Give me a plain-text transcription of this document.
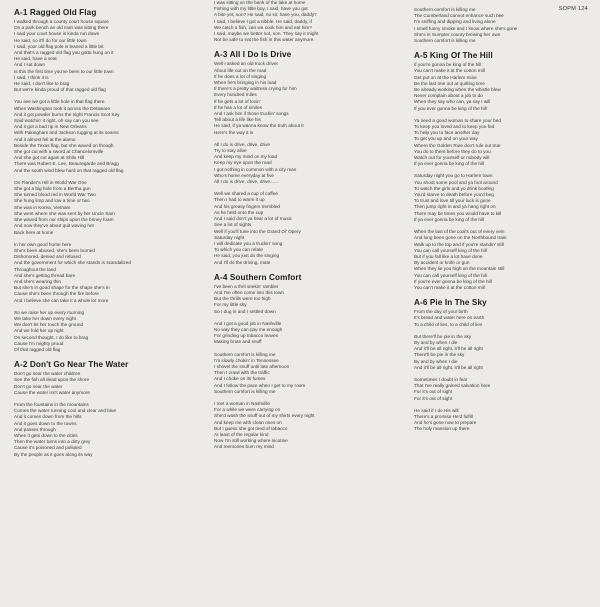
SOPM 124
A-1 Ragged Old Flag
I walked through a county court house square
On a park bench an old man was sitting there
I said your court house is kinda run down
He said, no it'll do for our little town
I said, your old flag pole is leaned a little bit
And that's a ragged old flag you gotta hung on it
He said, have a seat
And I sat down
Is this the first time you've been to our little town
I said, I think it is
He said, I don't like to brag
But we're kinda proud of that ragged old flag
You see we got a little hole in that flag there
When Washington took it across the Delaware
And it got powder burns the night Francis Scot Key
Said watchin' it right, oh say can you see
And it got a bad rip in New Orleans
With Pakingham and Jackson tugging at its seams
And it almost fell at the alamo
Beside the Texas flag, but she waved on though
She got cut with a sword at Chancelorsville
And she got cut again at Shilo Hill
There was Robert E. Lee, Beauregarde and Bragg
And the south wind blew hard on that ragged old flag
On Flander's Hill in World War One
She got a big hole from a Bertha gun
She turned blood red in World War Two
She hung limp and low a time or two
She was in Korea, Vietnam
She went where she was sent by her Uncle Sam
She waved from our ships upon the briney foam
And now they've about quit waving her
Back here at home
In her own good home here
She's been abused, she's been burned
Dishonored, denied and refused
And the government for which she stands is scandalized
Throughout the land
And she's getting thread bare
And she's wearing thin
But she's in good shape for the shape she's in
Cause she's been through the fire before
And I believe she can take it a whole lot more
So we raise her up every morning
We take her down every night
We don't let her touch the ground
And we fold her up right
On second thought, I do like to brag
Cause I'm mighty proud
Of that ragged old flag
A-2 Don't Go Near The Water
Don't go near the water children
See the fish all dead upon the shore
Don't go near the water
Cause the water isn't water anymore
From the fountains in the mountains
Comes the water running cool and clear and blue
And it comes down from the hills
And it goes down to the towns
And passes through
When it gets down to the cities
Then the water turns into a dirty grey
Cause it's poisoned and polluted
By the people as it goes along its way
I was sitting on the bank of the lake at home
Fishing with my little boy, I said, have you got
A bite yet, son? He said, no sir, have you, daddy?
I said, I believe I got a nibble. He said, daddy, if
We catch a fish, can we cook him and eat him?
I said, maybe we better not, son. They say it might
Not be safe to eat the fish in this water anymore.
A-3 All I Do Is Drive
Well I asked an old truck driver
About life out on the road
If he does a lot of singing
When he's bringing in his load
If there's a pretty waitress crying for him
Every hundred miles
If he gets a lot of lovin'
If he has a lot of smiles
And I ask him if those truckin' songs
Tell about a life like his
He said, if ya wanna know the truth about it
Here's the way it is
All I do is drive, drive, drive
Try to stay alive
And keep my mind on my load
Keep my eye upon the road
I got nothing in common with a city man
Who's home everyday at five
All I do is drive, drive, drive......
Well we shared a cup of coffee
Then I had to warm it up
And his greasy fingers trembled
As he held onto the cup
And I said don't ya hear a lot of music
See a lot of sights
Well if you'll tune into the Grand Ol' Opery
Saturday night
I will dedicate you a truckin' song
To which you can relate
He said, you just do the singing
And I'll do the driving, mate
A-4 Southern Comfort
I've been a thril seekin' rambler
And I've often come into this town
But the thrills were too high
For my little sky
So I dug in and I settled down
And I got a good job in Nashville
No way they can pay me enough
For grinding up tobacco leaves
Making brute and snuff
Southern comfort is killing me
I'm slowly chokin' in Tennessee
I shovel the snuff until late afternoon
Then I crawl with the traffic
And I choke on its fumes
And I follow the pace when I get to my room
Southern comfort is killing me
I met a woman in Nashville
For a while we were carrying on
She'd wash the snuff out of my shirts every night
And keep me with clean ones on
But I guess she got tired of tabacco
At least of the regular kind
Now I'm still working where nicotine
And memories burn my mind
Southern comfort is killing me
The Cumberland cannot enhance such bee
I'm sniffing and dipping and living alone
I smell funny smoke and I know where she's gone
She's in Sumpter county brewing her own
Southern comfort is killing me
A-5 King Of The Hill
If you're gonna be king of the hill
You can't make it at the cotton mill
Get put on at the Harlem mine
Be the last one out at quitting time
Be already working when the whistle blew
Never complain about a job to do
When they say who can, ya say I will
If you ever gonna be king of the hill
Ya need a good woman to share your bed
To keep you loved and to keep you fed
To help you to face another day
To get you up and on your way
Where the Golden Rule don't rule out true
You do to them before they do to you
Watch out for yourself or nobody will
If ya ever gonna be king of the hill
Saturday night you go to Harlem town
You shoot some pool and ya fool around
To watch the girls and yo drink bootleg
You'd starve to death before you'd beg
To trust and love till your luck is gone
Then jump right in and ya hang right on
There may be times you would have to kill
If ya ever gonna be king of the hill
When the last of the coal's out of every vein
And long been gone on the Northbound train
Walk up to the top and if you're standin' still
You can call yourself king of the hill
But if you fall like a lot have done
By accident or knife or gun
When they lie you high on the mountain still
You can call yourself king of the hill
If you're ever gonna be king of the hill
You can't make it at the cotton mill
A-6 Pie In The Sky
From the day of your birth
It's bread and water here on earth
To a child of lies, to a child of lies
But there'll be pie in the sky
By and by when I die
And it'll be all right, it'll be all right
There'll be pie in the sky
By and by when I die
And it'll be all right, it'll be all right
Sometimes I doubt in fear
That I've really gained salvation here
For it's out of sight
For it's out of sight
He said if I do His will
There's a promise He'd fulfill
And he's gone now to prepare
The holy mansion up there
